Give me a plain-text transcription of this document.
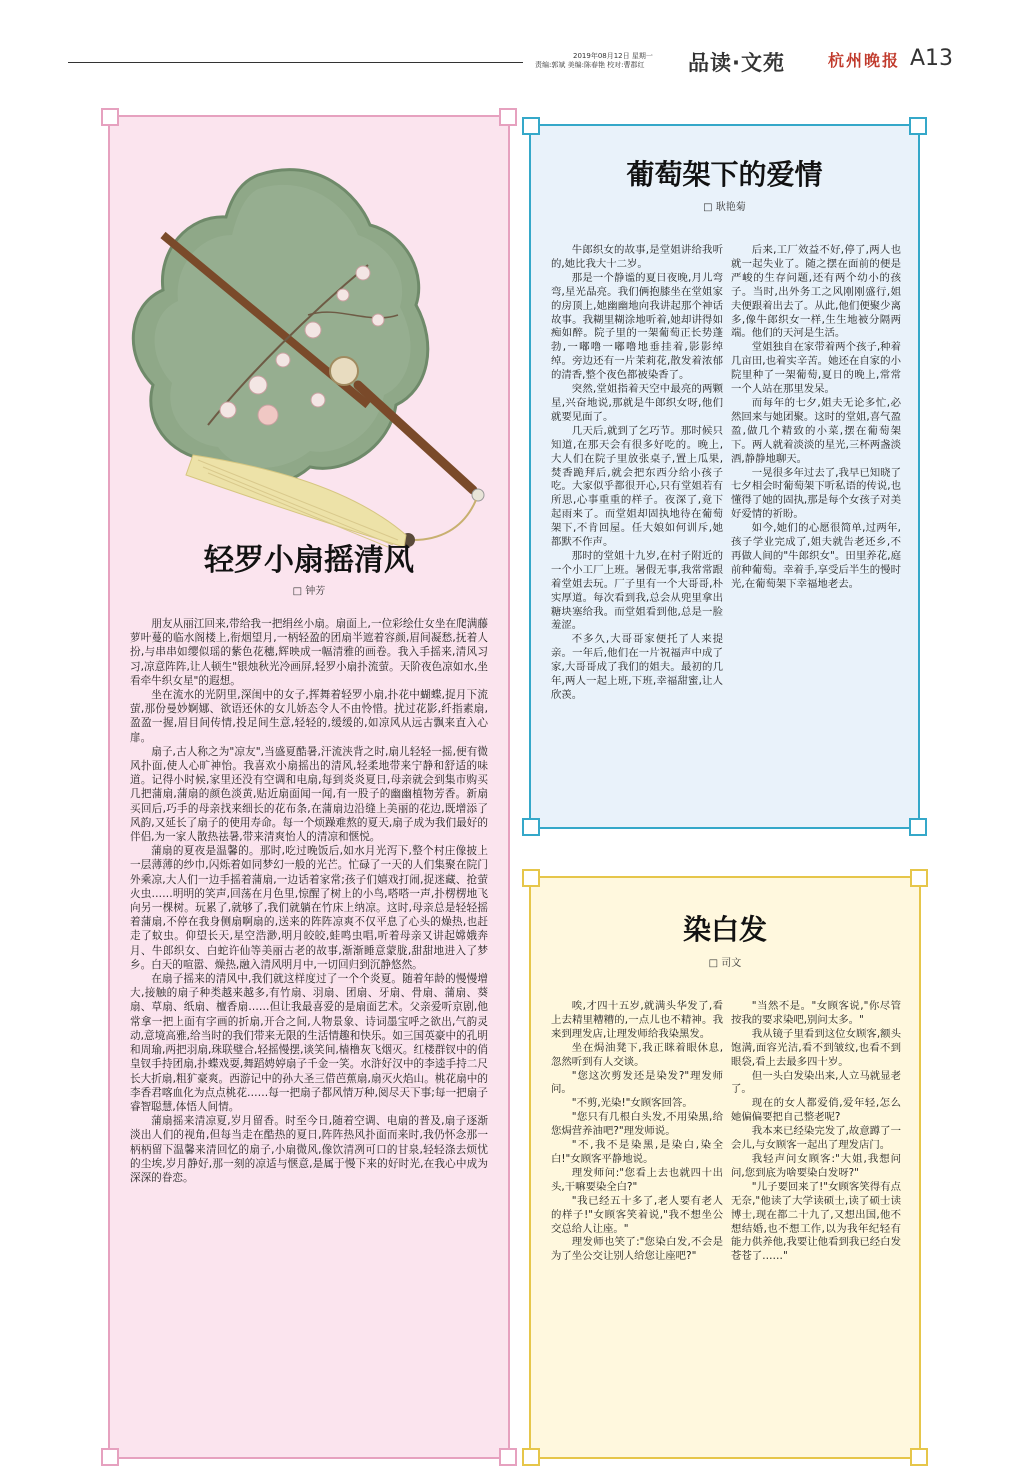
2019年08月12日 星期一
责编:郭斌 美编:陈春艳 校对:曹郡红	品读·文苑	杭州晚报 A13
轻罗小扇摇清风
□ 钟芳

朋友从丽江回来,带给我一把绢丝小扇。扇面上,一位彩绘仕女坐在爬满藤萝叶蔓的临水阁楼上,衔烟望月,一柄轻盈的团扇半遮着容颜,眉间凝愁,抚着人扮,与串串如缨似瑶的紫色花穗,辉映成一幅清雅的画卷。我入手摇来,清风习习,凉意阵阵,让人顿生"银烛秋光冷画屏,轻罗小扇扑流萤。天阶夜色凉如水,坐看牵牛织女星"的遐想。

坐在流水的光阴里,深闺中的女子,挥舞着轻罗小扇,扑花中蝴蝶,捉月下流萤,那份曼妙婀娜、欲语还休的女儿娇态令人不由怜惜。扰过花影,纤指素扇,盈盈一握,眉目间传情,投足间生意,轻轻的,缓缓的,如凉风从远古飘来直入心扉。

扇子,古人称之为"凉友",当盛夏酷暑,汗流浃背之时,扇儿轻轻一摇,便有微风扑面,使人心旷神怡。我喜欢小扇摇出的清风,轻柔地带来宁静和舒适的味道。记得小时候,家里还没有空调和电扇,每到炎炎夏日,母亲就会到集市购买几把蒲扇,蒲扇的颜色淡黄,贴近扇面闻一闻,有一股子的幽幽植物芳香。新扇买回后,巧手的母亲找来细长的花布条,在蒲扇边沿缝上美丽的花边,既增添了风韵,又延长了扇子的使用寿命。每一个烦躁难熬的夏天,扇子成为我们最好的伴侣,为一家人散热祛暑,带来清爽怡人的清凉和惬悦。

蒲扇的夏夜是温馨的。那时,吃过晚饭后,如水月光泻下,整个村庄像披上一层薄薄的纱巾,闪烁着如同梦幻一般的光芒。忙碌了一天的人们集聚在院门外乘凉,大人们一边手摇着蒲扇,一边话着家常;孩子们嬉戏打闹,捉迷藏、抢萤火虫……明明的笑声,回荡在月色里,惊醒了树上的小鸟,嗒嗒一声,扑楞楞地飞向另一棵树。玩累了,就够了,我们就躺在竹床上纳凉。这时,母亲总是轻轻摇着蒲扇,不停在我身侧扇啊扇的,送来的阵阵凉爽不仅平息了心头的燥热,也赶走了蚊虫。仰望长天,星空浩渺,明月皎皎,蛙鸣虫唱,听着母亲又讲起嫦娥奔月、牛郎织女、白蛇许仙等美丽古老的故事,渐渐睡意蒙胧,甜甜地进入了梦乡。白天的喧嚣、燥热,融入清风明月中,一切回归到沉静悠然。

在扇子摇来的清风中,我们就这样度过了一个个炎夏。随着年龄的慢慢增大,接触的扇子种类越来越多,有竹扇、羽扇、团扇、牙扇、骨扇、蒲扇、葵扇、草扇、纸扇、檀香扇……但让我最喜爱的是扇面艺术。父亲爱听京剧,他常拿一把上面有字画的折扇,开合之间,人物景象、诗词墨宝呼之欲出,气韵灵动,意境高雅,给当时的我们带来无限的生活情趣和快乐。如三国英豪中的孔明和周瑜,两把羽扇,珠联璧合,轻摇慢摆,谈笑间,樯橹灰飞烟灭。红楼群钗中的俏皇钗手持团扇,扑蝶戏耍,舞蹈娉婷扇子千金一笑。水浒好汉中的李逵手持二尺长大折扇,粗犷豪爽。西游记中的孙大圣三借芭蕉扇,扇灭火焰山。桃花扇中的李香君喀血化为点点桃花……每一把扇子都风情万种,阅尽天下事;每一把扇子睿智聪慧,体悟人间情。

蒲扇摇来清凉夏,岁月留香。时至今日,随着空调、电扇的普及,扇子逐渐淡出人们的视角,但每当走在酷热的夏日,阵阵热风扑面而来时,我仍怀念那一柄柄留下温馨来清回忆的扇子,小扇微风,像饮清冽可口的甘泉,轻轻涤去烦忧的尘埃,岁月静好,那一刻的凉适与惬意,是属于慢下来的好时光,在我心中成为深深的眷恋。

葡萄架下的爱情
□ 耿艳菊

牛郎织女的故事,是堂姐讲给我听的,她比我大十二岁。

那是一个静谧的夏日夜晚,月儿弯弯,星光晶亮。我们俩抱膝坐在堂姐家的房顶上,她幽幽地向我讲起那个神话故事。我糊里糊涂地听着,她却讲得如痴如醉。院子里的一架葡萄正长势蓬勃,一嘟噜一嘟噜地垂挂着,影影绰绰。旁边还有一片茉莉花,散发着浓郁的清香,整个夜色都被染香了。

突然,堂姐指着天空中最亮的两颗星,兴奋地说,那就是牛郎织女呀,他们就要见面了。

几天后,就到了乞巧节。那时候只知道,在那天会有很多好吃的。晚上,大人们在院子里放张桌子,置上瓜果,焚香跪拜后,就会把东西分给小孩子吃。大家似乎都很开心,只有堂姐若有所思,心事重重的样子。夜深了,竟下起雨来了。而堂姐却固执地待在葡萄架下,不肯回屋。任大娘如何训斥,她都默不作声。

那时的堂姐十九岁,在村子附近的一个小工厂上班。暑假无事,我常常跟着堂姐去玩。厂子里有一个大哥哥,朴实厚道。每次看到我,总会从兜里拿出糖块塞给我。而堂姐看到他,总是一脸羞涩。

不多久,大哥哥家便托了人来提亲。一年后,他们在一片祝福声中成了家,大哥哥成了我们的姐夫。最初的几年,两人一起上班,下班,幸福甜蜜,让人欣羡。

后来,工厂效益不好,停了,两人也就一起失业了。随之摆在面前的便是严峻的生存问题,还有两个幼小的孩子。当时,出外务工之风刚刚盛行,姐夫便跟着出去了。从此,他们便聚少离多,像牛郎织女一样,生生地被分隔两端。他们的天河是生活。

堂姐独自在家带着两个孩子,种着几亩田,也着实辛苦。她还在自家的小院里种了一架葡萄,夏日的晚上,常常一个人站在那里发呆。

而每年的七夕,姐夫无论多忙,必然回来与她团聚。这时的堂姐,喜气盈盈,做几个精致的小菜,摆在葡萄架下。两人就着淡淡的星光,三杯两盏淡酒,静静地聊天。

一晃很多年过去了,我早已知晓了七夕相会时葡萄架下听私语的传说,也懂得了她的固执,那是每个女孩子对美好爱情的祈盼。

如今,她们的心愿很简单,过两年,孩子学业完成了,姐夫就告老还乡,不再做人间的"牛郎织女"。田里养花,庭前种葡萄。幸着手,享受后半生的慢时光,在葡萄架下幸福地老去。

染白发
□ 司文

唉,才四十五岁,就满头华发了,看上去精里糟糟的,一点儿也不精神。我来到理发店,让理发师给我染黑发。

坐在焗油凳下,我正眯着眼休息,忽然听到有人交谈。

"您这次剪发还是染发?"理发师问。

"不剪,光染!"女顾客回答。

"您只有几根白头发,不用染黑,给您焗营养油吧?"理发师说。

"不,我不是染黑,是染白,染全白!"女顾客平静地说。

理发师问:"您看上去也就四十出头,干嘛要染全白?"

"我已经五十多了,老人要有老人的样子!"女顾客笑着说,"我不想坐公交总给人让座。"

理发师也笑了:"您染白发,不会是为了坐公交让别人给您让座吧?"

"当然不是。"女顾客说,"你尽管按我的要求染吧,别问太多。"

我从镜子里看到这位女顾客,额头饱满,面容光洁,看不到皱纹,也看不到眼袋,看上去最多四十岁。

但一头白发染出来,人立马就显老了。

现在的女人都爱俏,爱年轻,怎么她偏偏要把自己整老呢?

我本来已经染完发了,故意蹲了一会儿,与女顾客一起出了理发店门。

我轻声问女顾客:"大姐,我想问问,您到底为啥要染白发呀?"

"儿子要回来了!"女顾客笑得有点无奈,"他读了大学读硕士,读了硕士读博士,现在都二十九了,又想出国,他不想结婚,也不想工作,以为我年纪轻有能力供养他,我要让他看到我已经白发苍苍了……"
